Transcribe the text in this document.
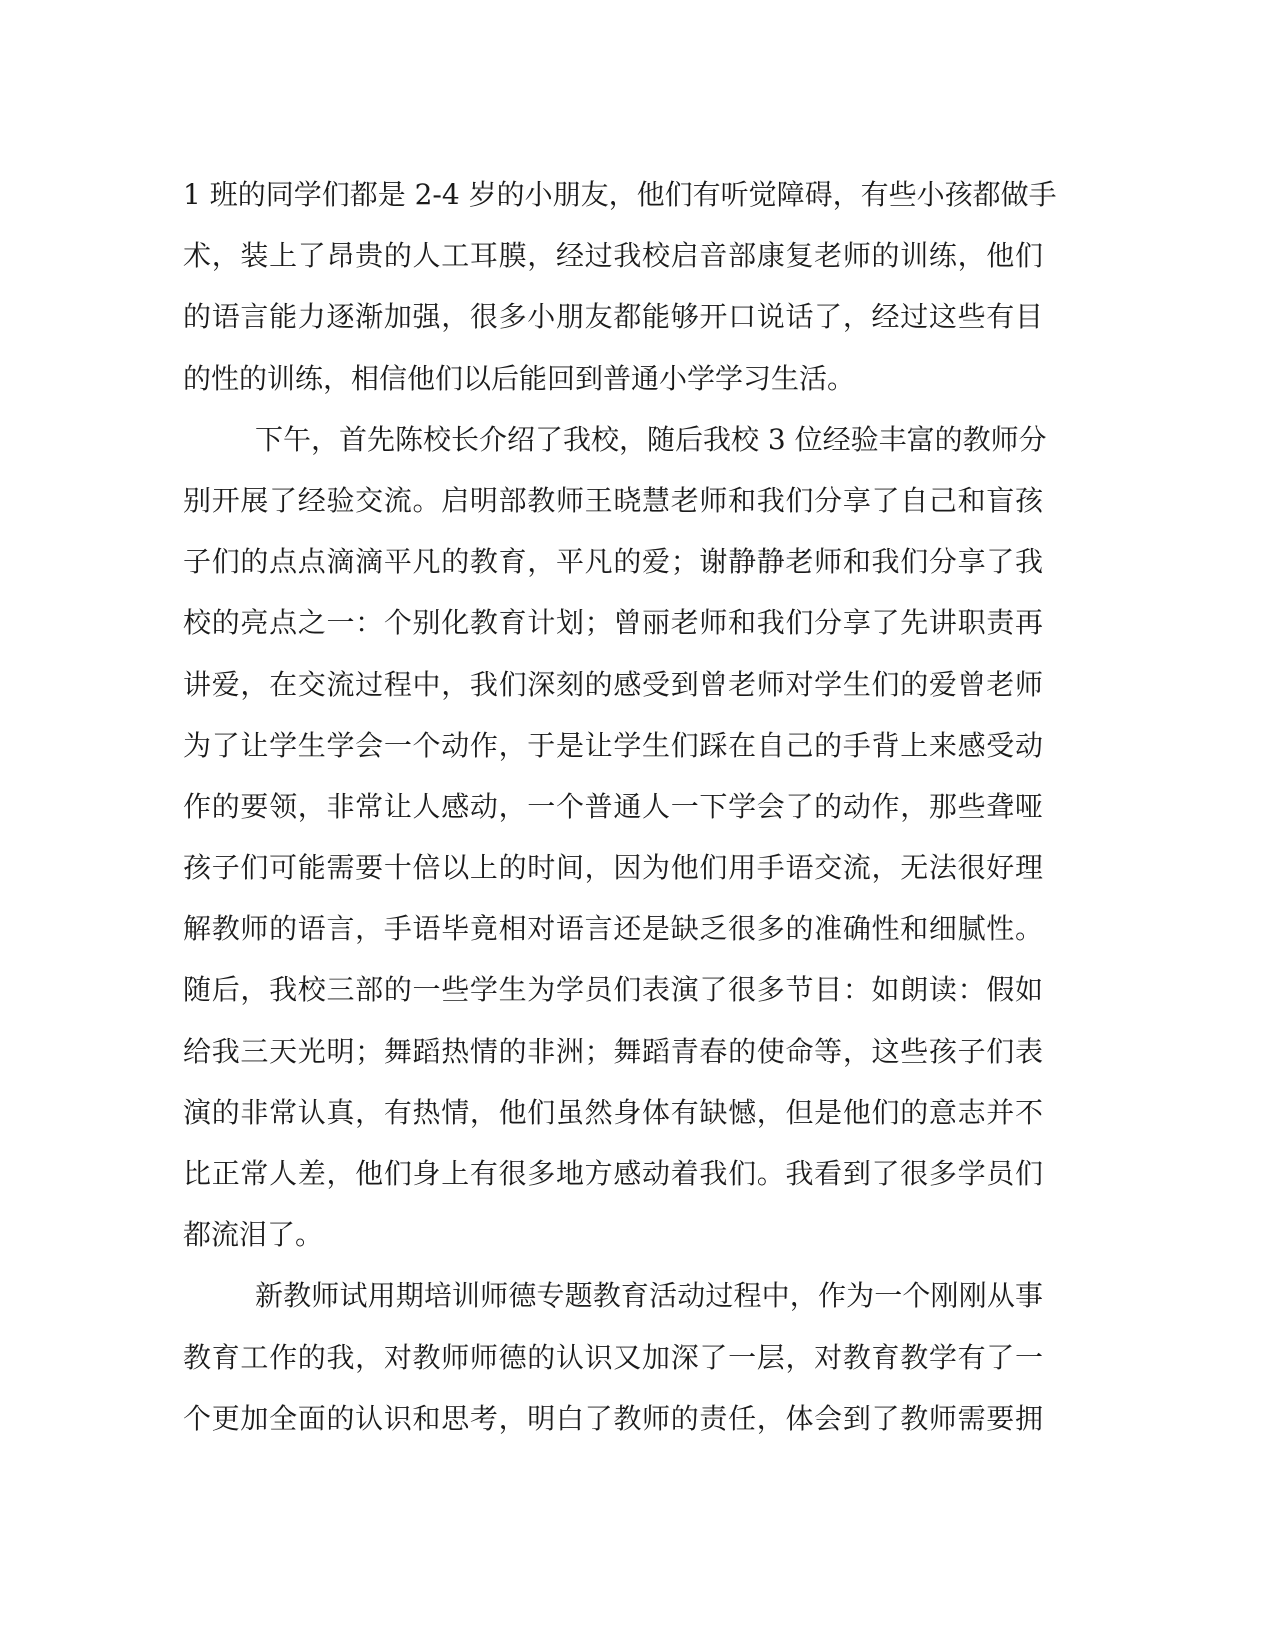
1 班的同学们都是 2-4 岁的小朋友，他们有听觉障碍，有些小孩都做手
术，装上了昂贵的人工耳膜，经过我校启音部康复老师的训练，他们
的语言能力逐渐加强，很多小朋友都能够开口说话了，经过这些有目
的性的训练，相信他们以后能回到普通小学学习生活。
下午，首先陈校长介绍了我校，随后我校 3 位经验丰富的教师分
别开展了经验交流。启明部教师王晓慧老师和我们分享了自己和盲孩
子们的点点滴滴平凡的教育，平凡的爱；谢静静老师和我们分享了我
校的亮点之一：个别化教育计划；曾丽老师和我们分享了先讲职责再
讲爱，在交流过程中，我们深刻的感受到曾老师对学生们的爱曾老师
为了让学生学会一个动作，于是让学生们踩在自己的手背上来感受动
作的要领，非常让人感动，一个普通人一下学会了的动作，那些聋哑
孩子们可能需要十倍以上的时间，因为他们用手语交流，无法很好理
解教师的语言，手语毕竟相对语言还是缺乏很多的准确性和细腻性。
随后，我校三部的一些学生为学员们表演了很多节目：如朗读：假如
给我三天光明；舞蹈热情的非洲；舞蹈青春的使命等，这些孩子们表
演的非常认真，有热情，他们虽然身体有缺憾，但是他们的意志并不
比正常人差，他们身上有很多地方感动着我们。我看到了很多学员们
都流泪了。
新教师试用期培训师德专题教育活动过程中，作为一个刚刚从事
教育工作的我，对教师师德的认识又加深了一层，对教育教学有了一
个更加全面的认识和思考，明白了教师的责任，体会到了教师需要拥
